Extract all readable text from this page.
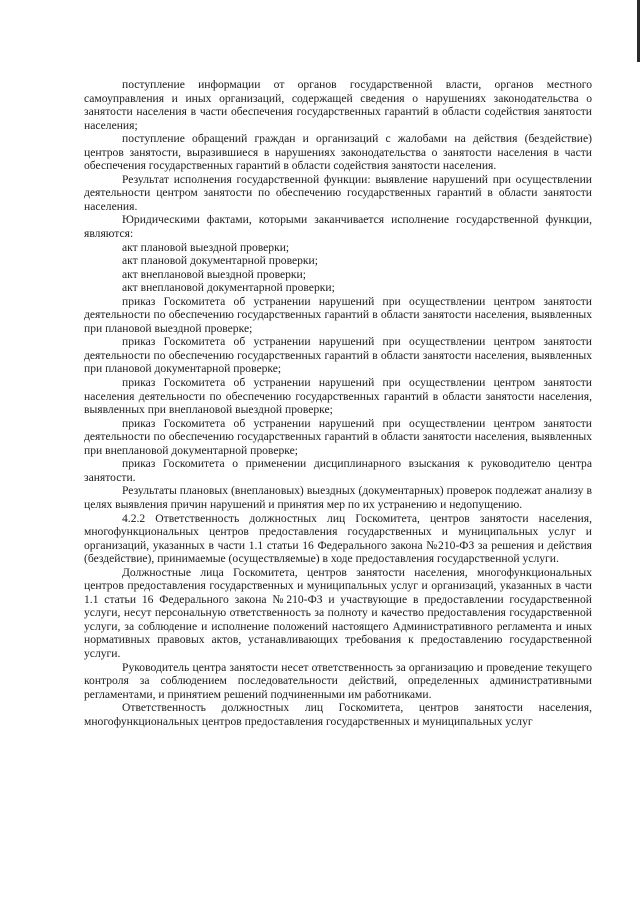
поступление информации от органов государственной власти, органов местного самоуправления и иных организаций, содержащей сведения о нарушениях законодательства о занятости населения в части обеспечения государственных гарантий в области содействия занятости населения;

поступление обращений граждан и организаций с жалобами на действия (бездействие) центров занятости, выразившиеся в нарушениях законодательства о занятости населения в части обеспечения государственных гарантий в области содействия занятости населения.

Результат исполнения государственной функции: выявление нарушений при осуществлении деятельности центром занятости по обеспечению государственных гарантий в области занятости населения.

Юридическими фактами, которыми заканчивается исполнение государственной функции, являются:

акт плановой выездной проверки;

акт плановой документарной проверки;

акт внеплановой выездной проверки;

акт внеплановой документарной проверки;

приказ Госкомитета об устранении нарушений при осуществлении центром занятости деятельности по обеспечению государственных гарантий в области занятости населения, выявленных при плановой выездной проверке;

приказ Госкомитета об устранении нарушений при осуществлении центром занятости деятельности по обеспечению государственных гарантий в области занятости населения, выявленных при плановой документарной проверке;

приказ Госкомитета об устранении нарушений при осуществлении центром занятости населения деятельности по обеспечению государственных гарантий в области занятости населения, выявленных при внеплановой выездной проверке;

приказ Госкомитета об устранении нарушений при осуществлении центром занятости деятельности по обеспечению государственных гарантий в области занятости населения, выявленных при внеплановой документарной проверке;

приказ Госкомитета о применении дисциплинарного взыскания к руководителю центра занятости.

Результаты плановых (внеплановых) выездных (документарных) проверок подлежат анализу в целях выявления причин нарушений и принятия мер по их устранению и недопущению.

4.2.2 Ответственность должностных лиц Госкомитета, центров занятости населения, многофункциональных центров предоставления государственных и муниципальных услуг и организаций, указанных в части 1.1 статьи 16 Федерального закона №210-ФЗ за решения и действия (бездействие), принимаемые (осуществляемые) в ходе предоставления государственной услуги.

Должностные лица Госкомитета, центров занятости населения, многофункциональных центров предоставления государственных и муниципальных услуг и организаций, указанных в части 1.1 статьи 16 Федерального закона №210-ФЗ и участвующие в предоставлении государственной услуги, несут персональную ответственность за полноту и качество предоставления государственной услуги, за соблюдение и исполнение положений настоящего Административного регламента и иных нормативных правовых актов, устанавливающих требования к предоставлению государственной услуги.

Руководитель центра занятости несет ответственность за организацию и проведение текущего контроля за соблюдением последовательности действий, определенных административными регламентами, и принятием решений подчиненными им работниками.

Ответственность должностных лиц Госкомитета, центров занятости населения, многофункциональных центров предоставления государственных и муниципальных услуг
